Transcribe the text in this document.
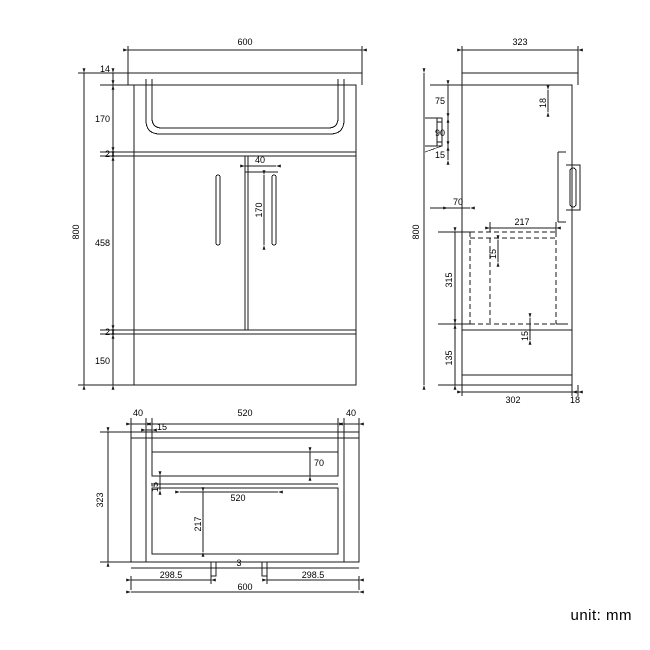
600
14
170
2
458
2
150
800
40
170
323
75
90
15
18
70
217
15
315
15
135
302	18
800
40
15
520	40
70
15
520
217
323
298.5
3
298.5
600
unit: mm
